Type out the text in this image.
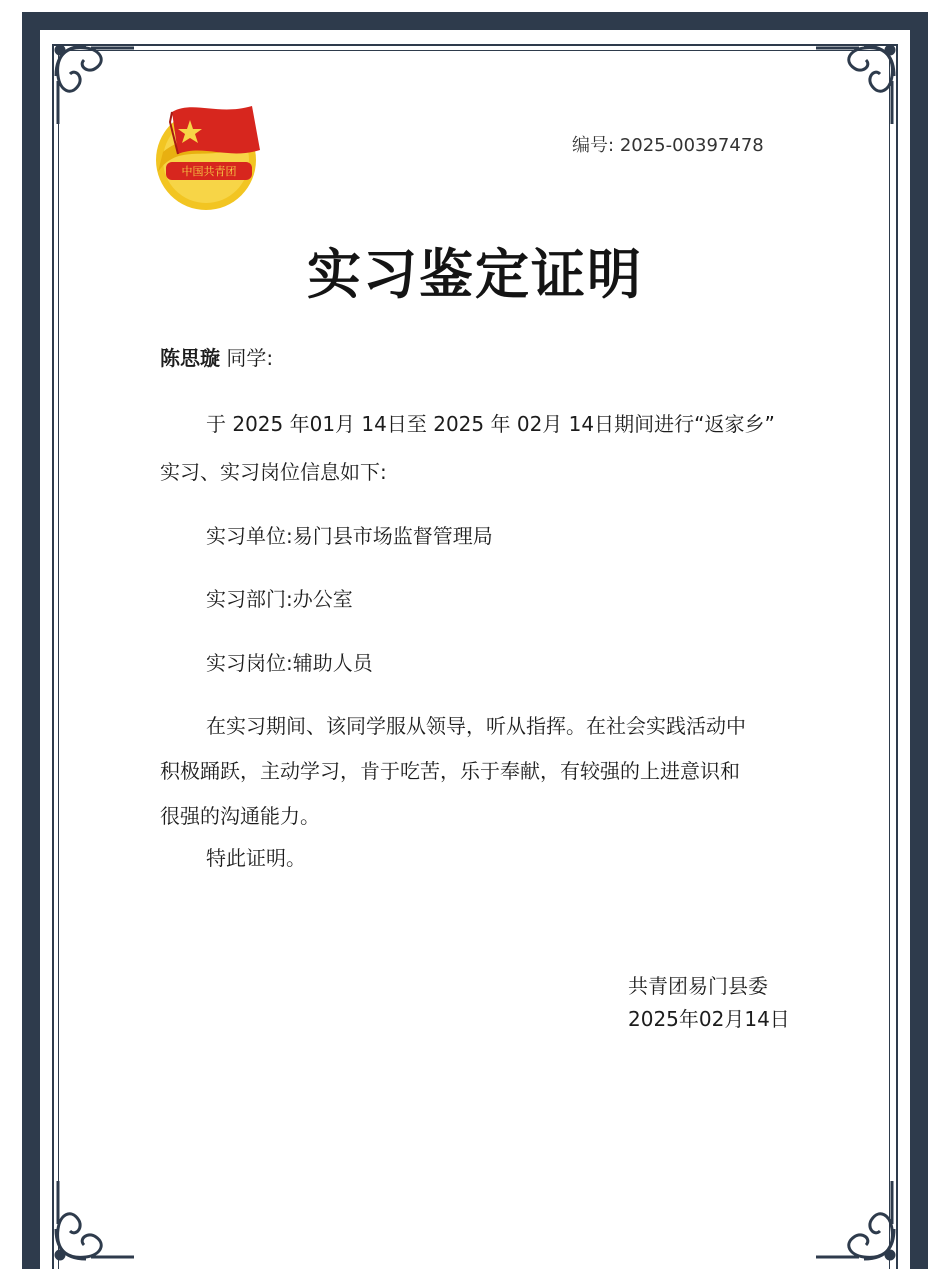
中国共青团
编号: 2025-00397478
实习鉴定证明
陈思璇 同学:
于 2025 年01月 14日至 2025 年 02月 14日期间进行“返家乡”
实习、实习岗位信息如下:
实习单位:易门县市场监督管理局
实习部门:办公室
实习岗位:辅助人员
在实习期间、该同学服从领导，听从指挥。在社会实践活动中
积极踊跃，主动学习，肯于吃苦，乐于奉献，有较强的上进意识和
很强的沟通能力。
特此证明。
共青团易门县委
2025年02月14日
